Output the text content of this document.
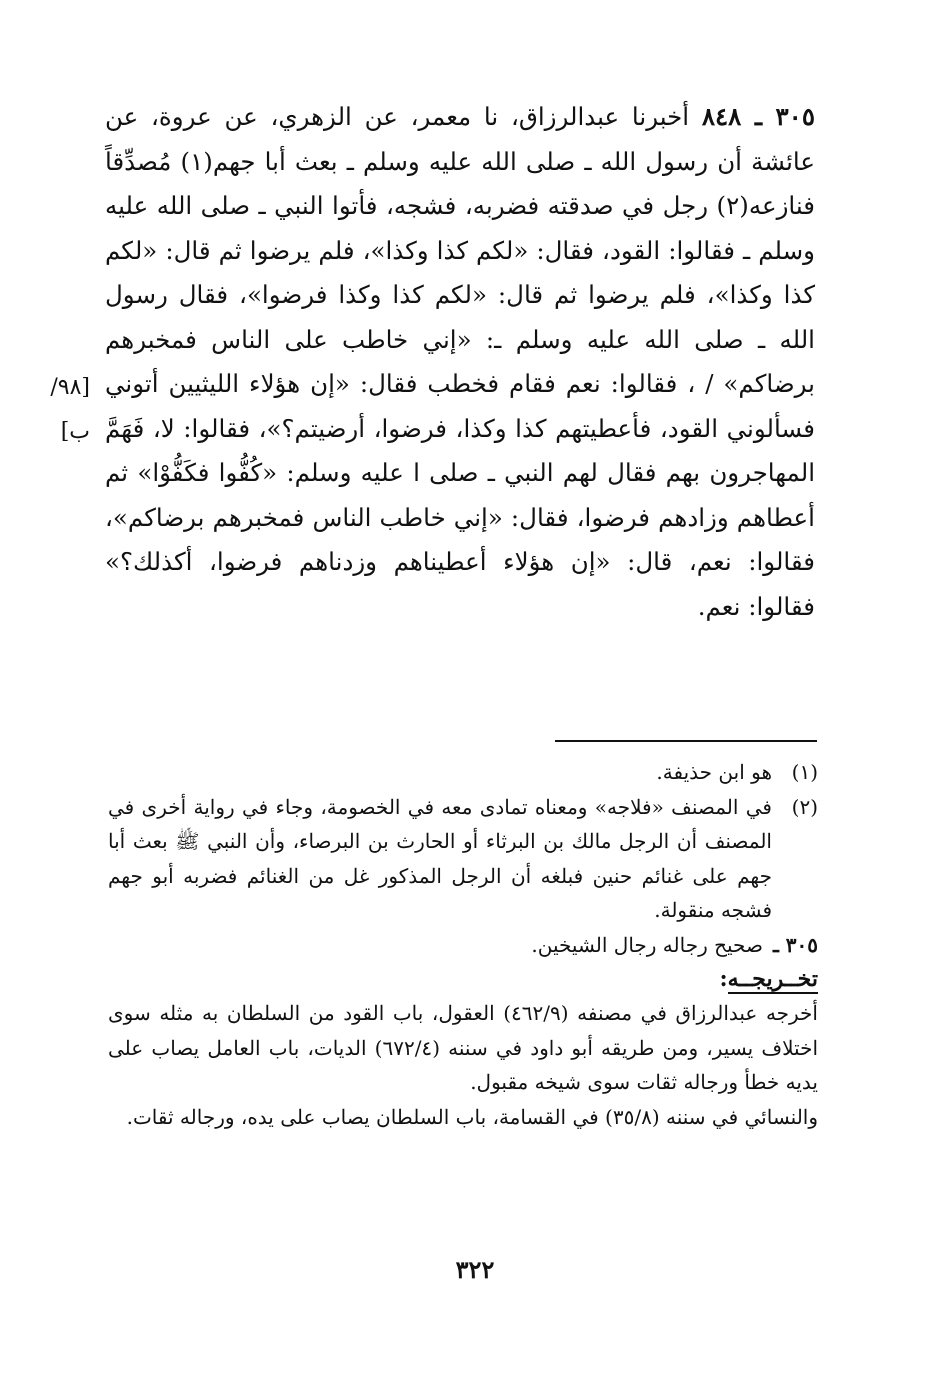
٣٠٥ ـ ٨٤٨ أخبرنا عبدالرزاق، نا معمر، عن الزهري، عن عروة، عن عائشة أن رسول الله ـ صلى الله عليه وسلم ـ بعث أبا جهم(١) مُصدِّقاً فنازعه(٢) رجل في صدقته فضربه، فشجه، فأتوا النبي ـ صلى الله عليه وسلم ـ فقالوا: القود، فقال: «لكم كذا وكذا»، فلم يرضوا ثم قال: «لكم كذا وكذا»، فلم يرضوا ثم قال: «لكم كذا وكذا فرضوا»، فقال رسول الله ـ صلى الله عليه وسلم ـ: «إني خاطب على الناس فمخبرهم برضاكم» / ، فقالوا: نعم فقام فخطب فقال: «إن هؤلاء الليثيين أتوني فسألوني القود، فأعطيتهم كذا وكذا، فرضوا، أرضيتم؟»، فقالوا: لا، فَهَمَّ المهاجرون بهم فقال لهم النبي ـ صلى ا عليه وسلم: «كُفُّوا فكَفُّوْا» ثم أعطاهم وزادهم فرضوا، فقال: «إني خاطب الناس فمخبرهم برضاكم»، فقالوا: نعم، قال: «إن هؤلاء أعطيناهم وزدناهم فرضوا، أكذلك؟» فقالوا: نعم.

[٩٨/ب]
(١)
هو ابن حذيفة.
(٢)
في المصنف «فلاجه» ومعناه تمادى معه في الخصومة، وجاء في رواية أخرى في المصنف أن الرجل مالك بن البرثاء أو الحارث بن البرصاء، وأن النبي ﷺ بعث أبا جهم على غنائم حنين فبلغه أن الرجل المذكور غل من الغنائم فضربه أبو جهم فشجه منقولة.
٣٠٥ ـ
صحيح رجاله رجال الشيخين.
تخــريجــه:

أخرجه عبدالرزاق في مصنفه (٤٦٢/٩) العقول، باب القود من السلطان به مثله سوى اختلاف يسير، ومن طريقه أبو داود في سننه (٦٧٢/٤) الديات، باب العامل يصاب على يديه خطأ ورجاله ثقات سوى شيخه مقبول.

والنسائي في سننه (٣٥/٨) في القسامة، باب السلطان يصاب على يده، ورجاله ثقات.

٣٢٢
